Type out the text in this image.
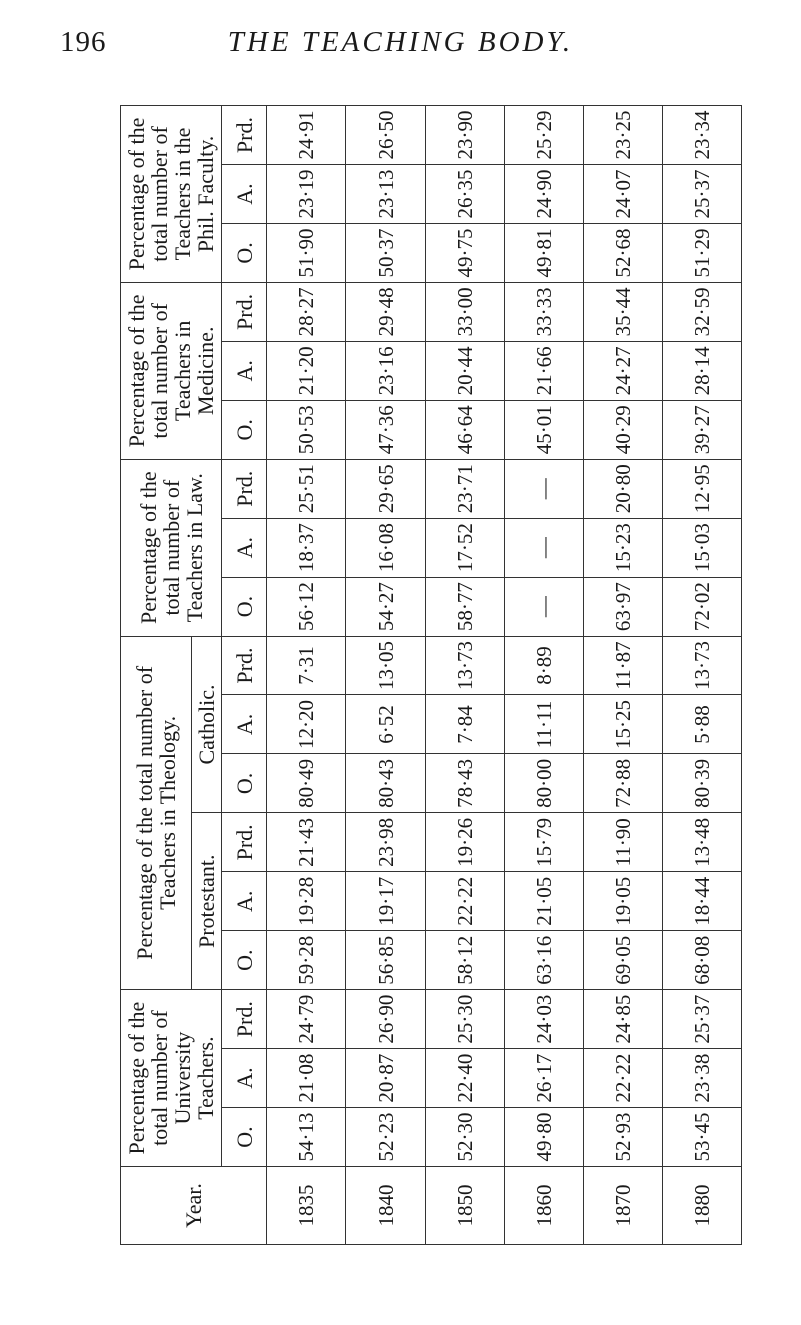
196	THE TEACHING BODY.
Year.	Percentage of the total number of University Teachers.			Percentage of the total number of Teachers in Theology.						Percentage of the total number of Teachers in Law.			Percentage of the total number of Teachers in Medicine.			Percentage of the total number of Teachers in the Phil. Faculty.		
				Protestant.			Catholic.											
	O.	A.	Prd.	O.	A.	Prd.	O.	A.	Prd.	O.	A.	Prd.	O.	A.	Prd.	O.	A.	Prd.
1835	54·13	21·08	24·79	59·28	19·28	21·43	80·49	12·20	7·31	56·12	18·37	25·51	50·53	21·20	28·27	51·90	23·19	24·91
1840	52·23	20·87	26·90	56·85	19·17	23·98	80·43	6·52	13·05	54·27	16·08	29·65	47·36	23·16	29·48	50·37	23·13	26·50
1850	52·30	22·40	25·30	58·12	22·22	19·26	78·43	7·84	13·73	58·77	17·52	23·71	46·64	20·44	33·00	49·75	26·35	23·90
1860	49·80	26·17	24·03	63·16	21·05	15·79	80·00	11·11	8·89	—	—	—	45·01	21·66	33·33	49·81	24·90	25·29
1870	52·93	22·22	24·85	69·05	19·05	11·90	72·88	15·25	11·87	63·97	15·23	20·80	40·29	24·27	35·44	52·68	24·07	23·25
1880	53·45	23·38	25·37	68·08	18·44	13·48	80·39	5·88	13·73	72·02	15·03	12·95	39·27	28·14	32·59	51·29	25·37	23·34
